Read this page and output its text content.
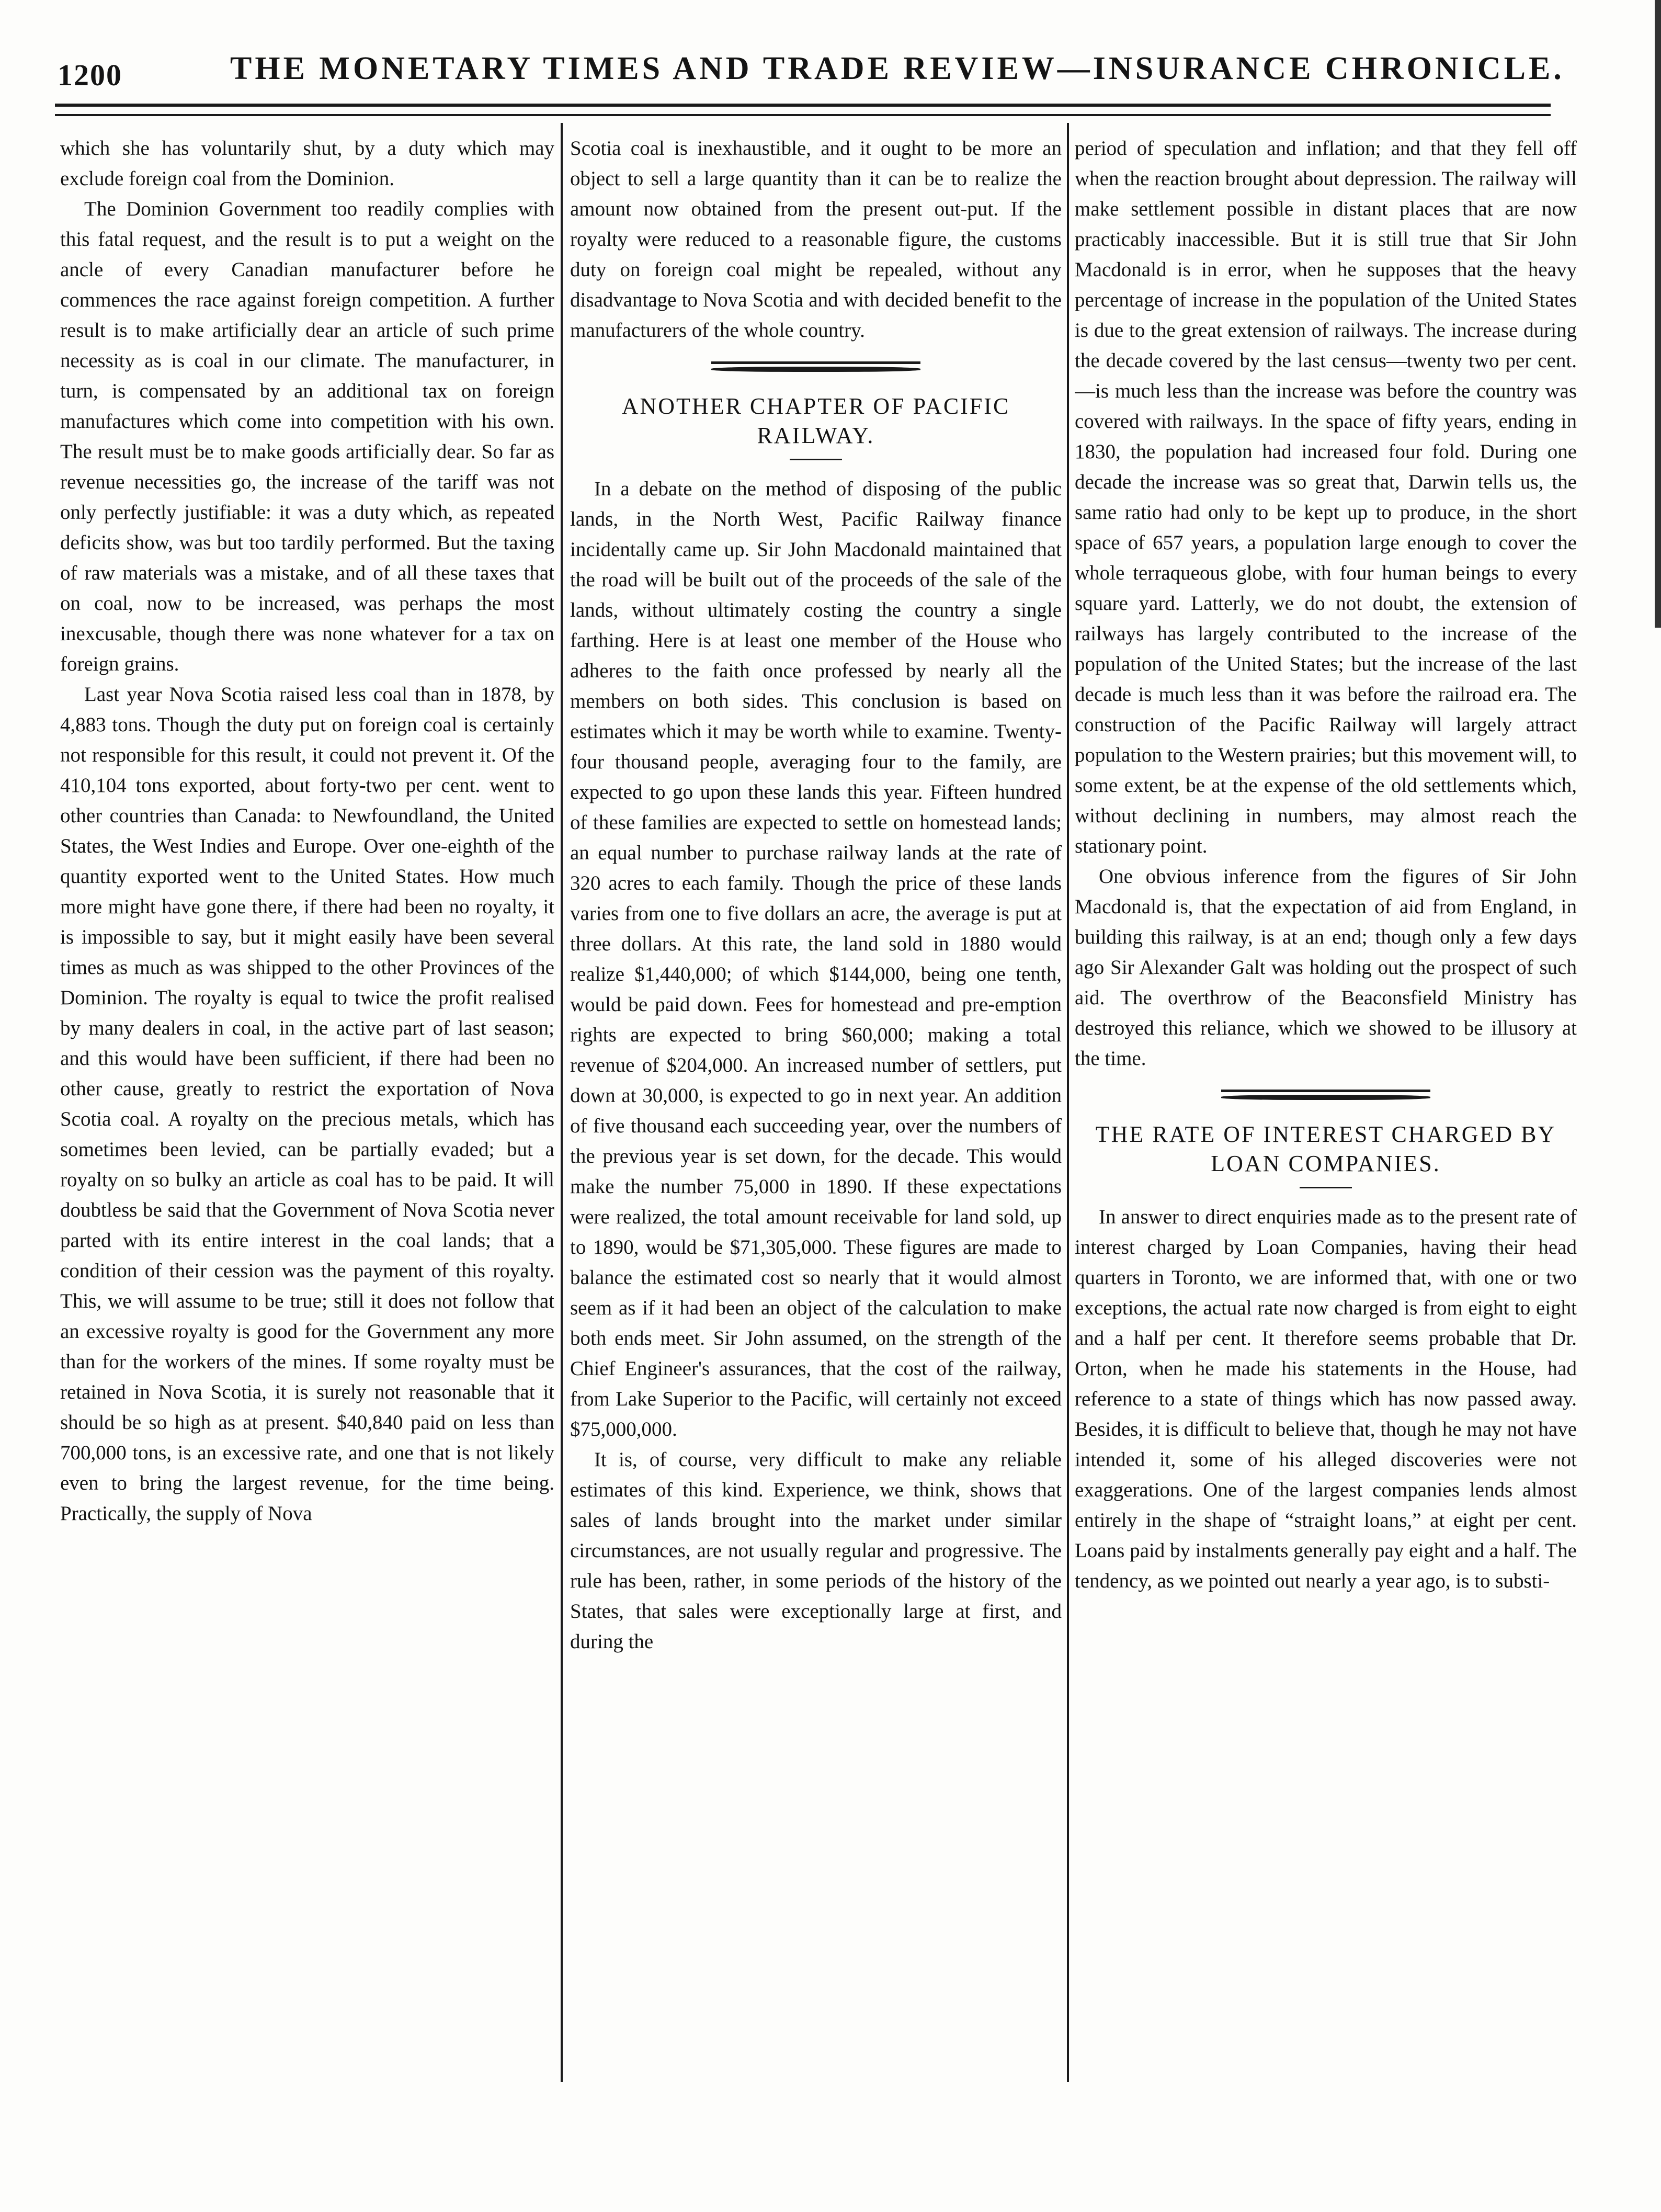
1200	THE MONETARY TIMES AND TRADE REVIEW—INSURANCE CHRONICLE.

which she has voluntarily shut, by a duty which may exclude foreign coal from the Dominion.

The Dominion Government too readily complies with this fatal request, and the result is to put a weight on the ancle of every Canadian manufacturer before he commences the race against foreign competition. A further result is to make artificially dear an article of such prime necessity as is coal in our climate. The manufacturer, in turn, is compensated by an additional tax on foreign manufactures which come into competition with his own. The result must be to make goods artificially dear. So far as revenue necessities go, the increase of the tariff was not only perfectly justifiable: it was a duty which, as repeated deficits show, was but too tardily performed. But the taxing of raw materials was a mistake, and of all these taxes that on coal, now to be increased, was perhaps the most inexcusable, though there was none whatever for a tax on foreign grains.

Last year Nova Scotia raised less coal than in 1878, by 4,883 tons. Though the duty put on foreign coal is certainly not responsible for this result, it could not prevent it. Of the 410,104 tons exported, about forty-two per cent. went to other countries than Canada: to Newfoundland, the United States, the West Indies and Europe. Over one-eighth of the quantity exported went to the United States. How much more might have gone there, if there had been no royalty, it is impossible to say, but it might easily have been several times as much as was shipped to the other Provinces of the Dominion. The royalty is equal to twice the profit realised by many dealers in coal, in the active part of last season; and this would have been sufficient, if there had been no other cause, greatly to restrict the exportation of Nova Scotia coal. A royalty on the precious metals, which has sometimes been levied, can be partially evaded; but a royalty on so bulky an article as coal has to be paid. It will doubtless be said that the Government of Nova Scotia never parted with its entire interest in the coal lands; that a condition of their cession was the payment of this royalty. This, we will assume to be true; still it does not follow that an excessive royalty is good for the Government any more than for the workers of the mines. If some royalty must be retained in Nova Scotia, it is surely not reasonable that it should be so high as at present. $40,840 paid on less than 700,000 tons, is an excessive rate, and one that is not likely even to bring the largest revenue, for the time being. Practically, the supply of Nova

Scotia coal is inexhaustible, and it ought to be more an object to sell a large quantity than it can be to realize the amount now obtained from the present out-put. If the royalty were reduced to a reasonable figure, the customs duty on foreign coal might be repealed, without any disadvantage to Nova Scotia and with decided benefit to the manufacturers of the whole country.

ANOTHER CHAPTER OF PACIFIC RAILWAY.

In a debate on the method of disposing of the public lands, in the North West, Pacific Railway finance incidentally came up. Sir John Macdonald maintained that the road will be built out of the proceeds of the sale of the lands, without ultimately costing the country a single farthing. Here is at least one member of the House who adheres to the faith once professed by nearly all the members on both sides. This conclusion is based on estimates which it may be worth while to examine. Twenty-four thousand people, averaging four to the family, are expected to go upon these lands this year. Fifteen hundred of these families are expected to settle on homestead lands; an equal number to purchase railway lands at the rate of 320 acres to each family. Though the price of these lands varies from one to five dollars an acre, the average is put at three dollars. At this rate, the land sold in 1880 would realize $1,440,000; of which $144,000, being one tenth, would be paid down. Fees for homestead and pre-emption rights are expected to bring $60,000; making a total revenue of $204,000. An increased number of settlers, put down at 30,000, is expected to go in next year. An addition of five thousand each succeeding year, over the numbers of the previous year is set down, for the decade. This would make the number 75,000 in 1890. If these expectations were realized, the total amount receivable for land sold, up to 1890, would be $71,305,000. These figures are made to balance the estimated cost so nearly that it would almost seem as if it had been an object of the calculation to make both ends meet. Sir John assumed, on the strength of the Chief Engineer's assurances, that the cost of the railway, from Lake Superior to the Pacific, will certainly not exceed $75,000,000.

It is, of course, very difficult to make any reliable estimates of this kind. Experience, we think, shows that sales of lands brought into the market under similar circumstances, are not usually regular and progressive. The rule has been, rather, in some periods of the history of the States, that sales were exceptionally large at first, and during the

period of speculation and inflation; and that they fell off when the reaction brought about depression. The railway will make settlement possible in distant places that are now practicably inaccessible. But it is still true that Sir John Macdonald is in error, when he supposes that the heavy percentage of increase in the population of the United States is due to the great extension of railways. The increase during the decade covered by the last census—twenty two per cent.—is much less than the increase was before the country was covered with railways. In the space of fifty years, ending in 1830, the population had increased four fold. During one decade the increase was so great that, Darwin tells us, the same ratio had only to be kept up to produce, in the short space of 657 years, a population large enough to cover the whole terraqueous globe, with four human beings to every square yard. Latterly, we do not doubt, the extension of railways has largely contributed to the increase of the population of the United States; but the increase of the last decade is much less than it was before the railroad era. The construction of the Pacific Railway will largely attract population to the Western prairies; but this movement will, to some extent, be at the expense of the old settlements which, without declining in numbers, may almost reach the stationary point.

One obvious inference from the figures of Sir John Macdonald is, that the expectation of aid from England, in building this railway, is at an end; though only a few days ago Sir Alexander Galt was holding out the prospect of such aid. The overthrow of the Beaconsfield Ministry has destroyed this reliance, which we showed to be illusory at the time.

THE RATE OF INTEREST CHARGED BY LOAN COMPANIES.

In answer to direct enquiries made as to the present rate of interest charged by Loan Companies, having their head quarters in Toronto, we are informed that, with one or two exceptions, the actual rate now charged is from eight to eight and a half per cent. It therefore seems probable that Dr. Orton, when he made his statements in the House, had reference to a state of things which has now passed away. Besides, it is difficult to believe that, though he may not have intended it, some of his alleged discoveries were not exaggerations. One of the largest companies lends almost entirely in the shape of “straight loans,” at eight per cent. Loans paid by instalments generally pay eight and a half. The tendency, as we pointed out nearly a year ago, is to substi-
